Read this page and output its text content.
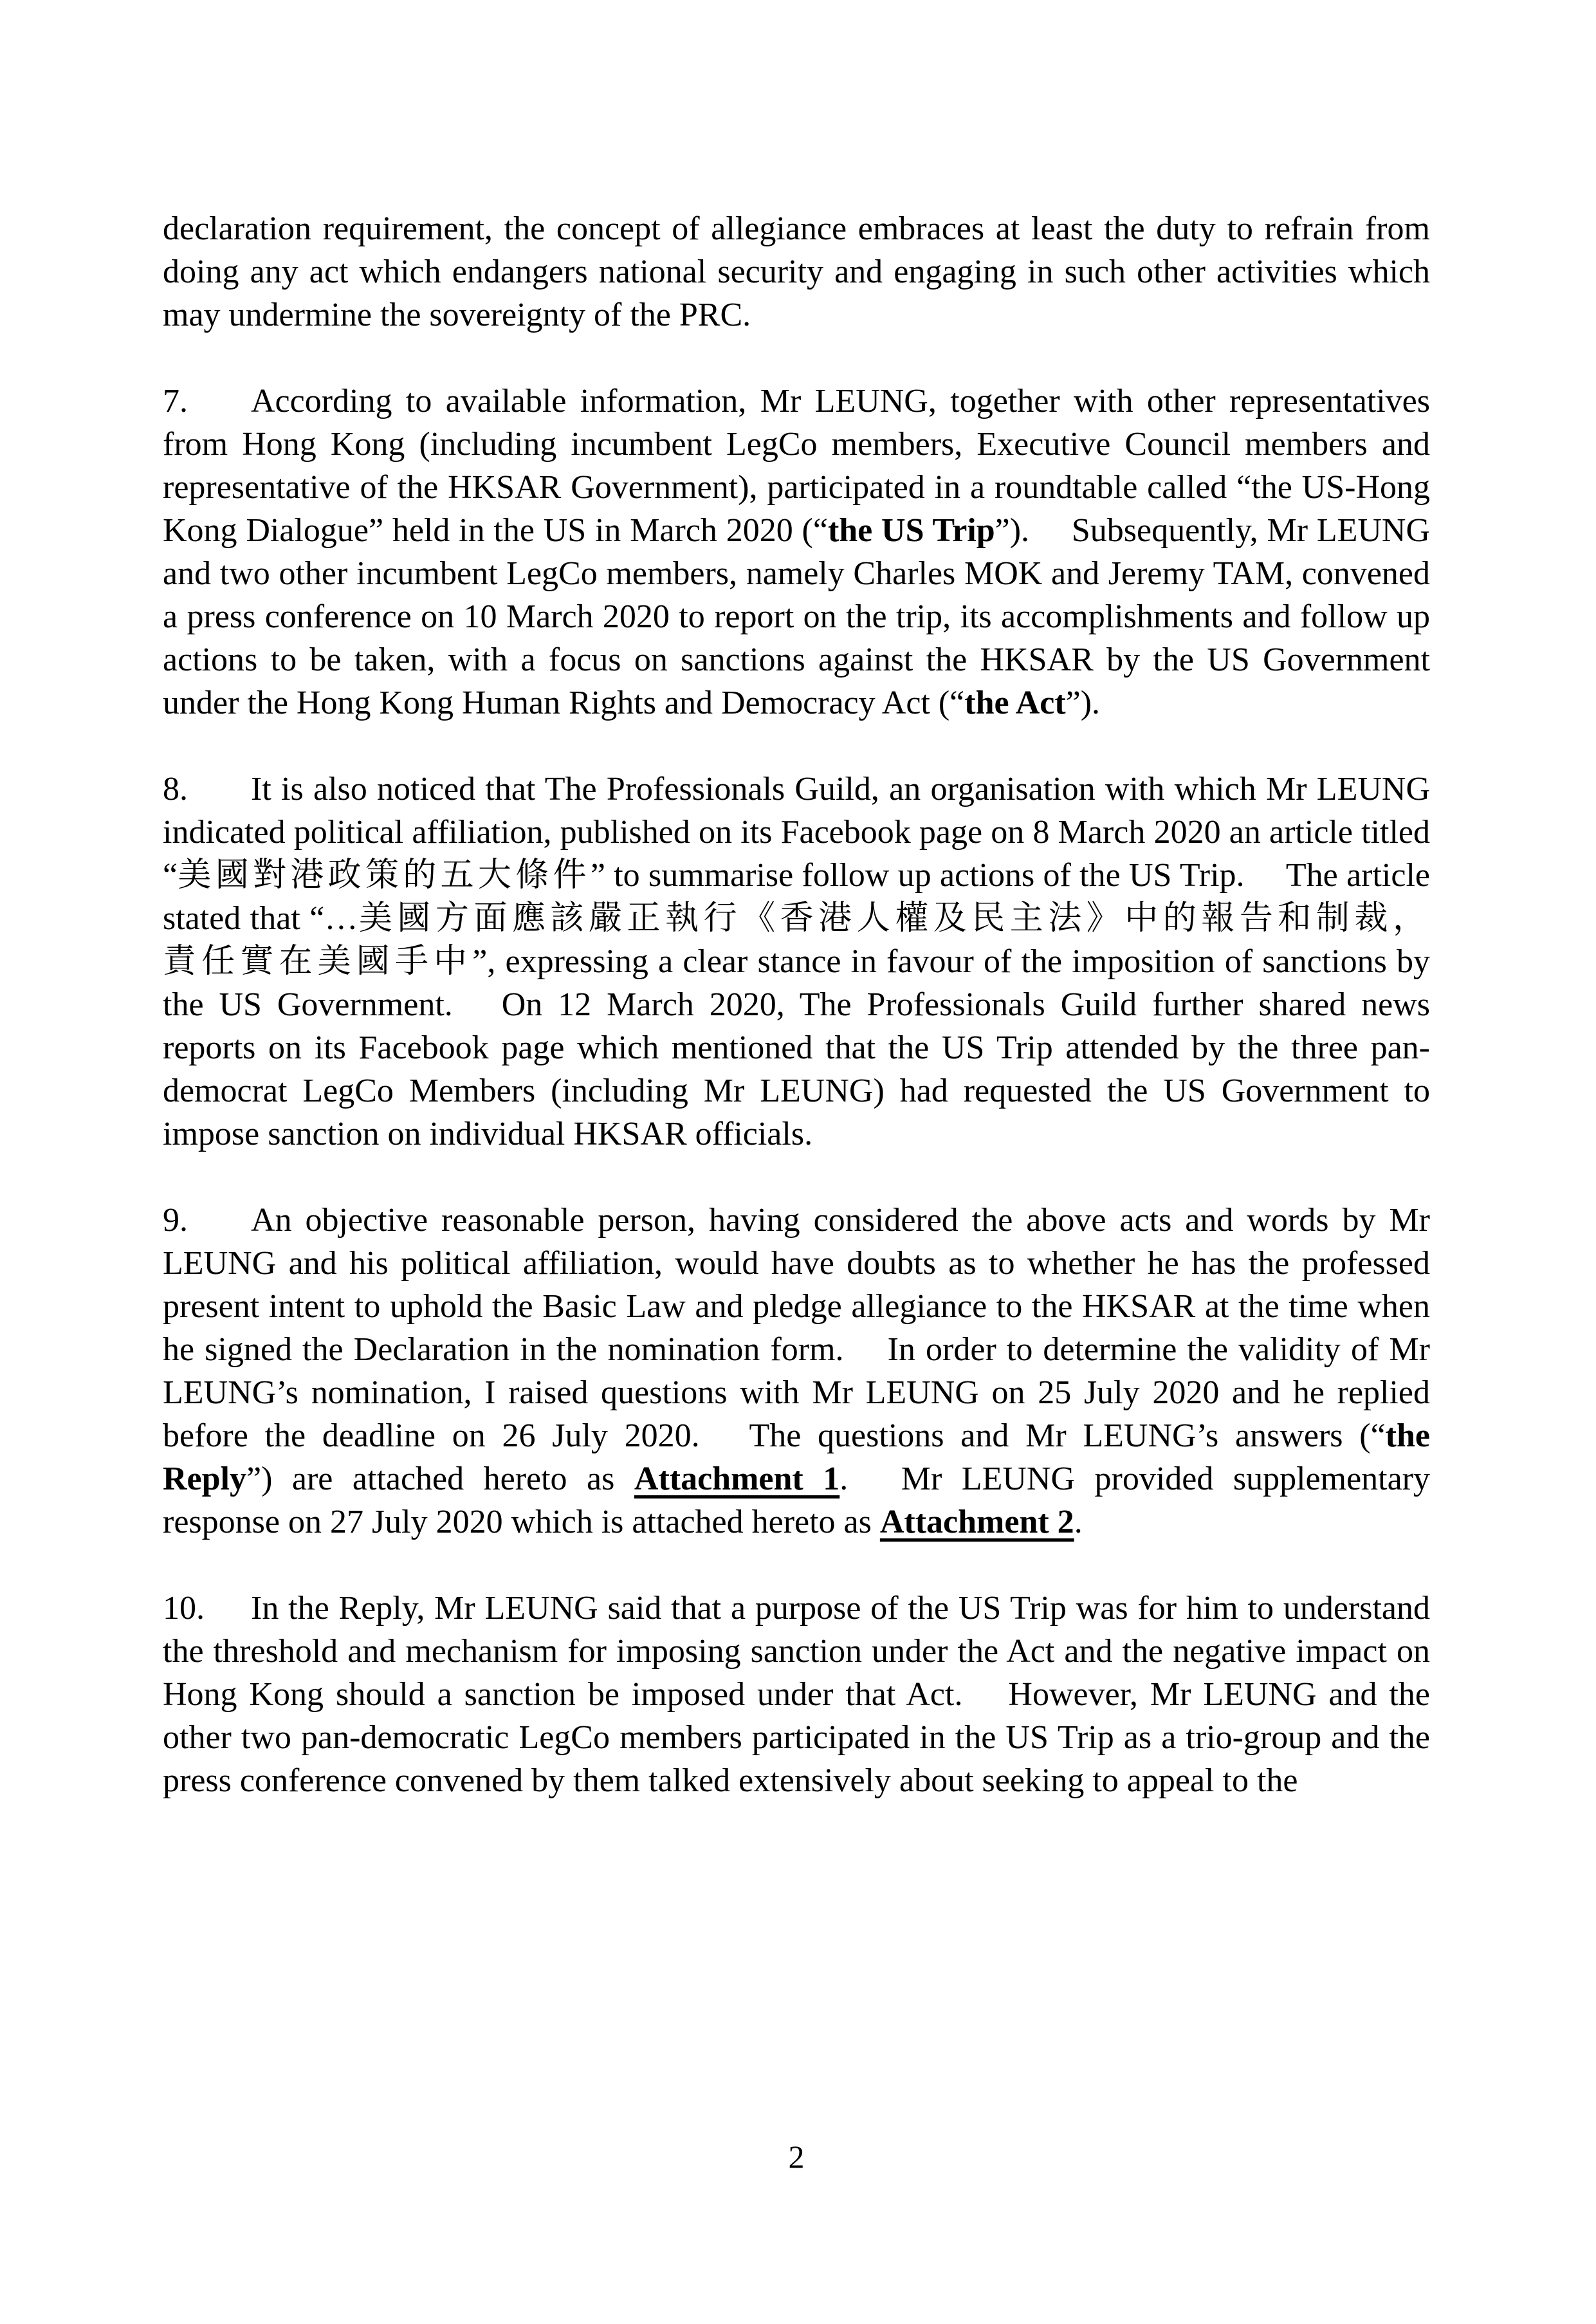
declaration requirement, the concept of allegiance embraces at least the duty to refrain from doing any act which endangers national security and engaging in such other activities which may undermine the sovereignty of the PRC.

7. According to available information, Mr LEUNG, together with other representatives from Hong Kong (including incumbent LegCo members, Executive Council members and representative of the HKSAR Government), participated in a roundtable called “the US-Hong Kong Dialogue” held in the US in March 2020 (“the US Trip”).  Subsequently, Mr LEUNG and two other incumbent LegCo members, namely Charles MOK and Jeremy TAM, convened a press conference on 10 March 2020 to report on the trip, its accomplishments and follow up actions to be taken, with a focus on sanctions against the HKSAR by the US Government under the Hong Kong Human Rights and Democracy Act (“the Act”).

8. It is also noticed that The Professionals Guild, an organisation with which Mr LEUNG indicated political affiliation, published on its Facebook page on 8 March 2020 an article titled “美國對港政策的五大條件” to summarise follow up actions of the US Trip.  The article stated that “…美國方面應該嚴正執行《香港人權及民主法》中的報告和制裁，責任實在美國手中”, expressing a clear stance in favour of the imposition of sanctions by the US Government.  On 12 March 2020, The Professionals Guild further shared news reports on its Facebook page which mentioned that the US Trip attended by the three pan-democrat LegCo Members (including Mr LEUNG) had requested the US Government to impose sanction on individual HKSAR officials.

9. An objective reasonable person, having considered the above acts and words by Mr LEUNG and his political affiliation, would have doubts as to whether he has the professed present intent to uphold the Basic Law and pledge allegiance to the HKSAR at the time when he signed the Declaration in the nomination form.  In order to determine the validity of Mr LEUNG’s nomination, I raised questions with Mr LEUNG on 25 July 2020 and he replied before the deadline on 26 July 2020.  The questions and Mr LEUNG’s answers (“the Reply”) are attached hereto as Attachment 1.  Mr LEUNG provided supplementary response on 27 July 2020 which is attached hereto as Attachment 2.

10. In the Reply, Mr LEUNG said that a purpose of the US Trip was for him to understand the threshold and mechanism for imposing sanction under the Act and the negative impact on Hong Kong should a sanction be imposed under that Act.  However, Mr LEUNG and the other two pan-democratic LegCo members participated in the US Trip as a trio-group and the press conference convened by them talked extensively about seeking to appeal to the

2
